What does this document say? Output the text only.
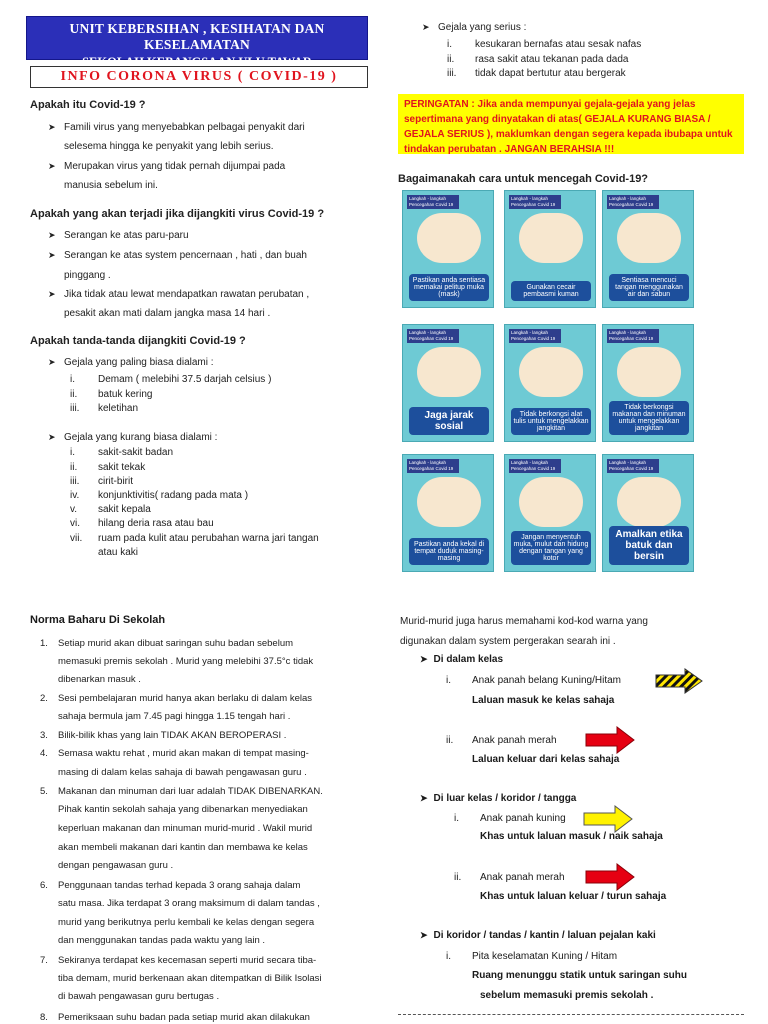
UNIT KEBERSIHAN , KESIHATAN DAN KESELAMATAN
SEKOLAH KEBANGSAAN ULU TAWAR
INFO CORONA VIRUS ( COVID-19 )
Apakah itu Covid-19 ?
➤ Famili virus yang menyebabkan pelbagai penyakit dari
selesema hingga ke penyakit yang lebih serius.
➤ Merupakan virus yang tidak pernah dijumpai pada
manusia sebelum ini.
Apakah yang akan terjadi jika dijangkiti virus Covid-19 ?
➤ Serangan ke atas paru-paru
➤ Serangan ke atas system pencernaan , hati , dan buah
pinggang .
➤ Jika tidak atau lewat mendapatkan rawatan perubatan ,
pesakit akan mati dalam jangka masa 14 hari .
Apakah tanda-tanda dijangkiti Covid-19 ?
➤ Gejala yang paling biasa dialami :
i.	Demam ( melebihi 37.5 darjah celsius )
ii.	batuk kering
iii.	keletihan
➤ Gejala yang kurang biasa dialami :
i.	sakit-sakit badan
ii.	sakit tekak
iii.	cirit-birit
iv.	konjunktivitis( radang pada mata )
v.	sakit kepala
vi.	hilang deria rasa atau bau
vii.	ruam pada kulit atau perubahan warna jari tangan
atau kaki
➤ Gejala yang serius :
i.	kesukaran bernafas atau sesak nafas
ii.	rasa sakit atau tekanan pada dada
iii.	tidak dapat bertutur atau bergerak
PERINGATAN : Jika anda mempunyai gejala-gejala yang jelas sepertimana yang dinyatakan di atas( GEJALA KURANG BIASA / GEJALA SERIUS ), maklumkan dengan segera kepada ibubapa untuk tindakan perubatan . JANGAN BERAHSIA !!!
Bagaimanakah cara untuk mencegah Covid-19?
Langkah - langkah Pencegahan Covid 19
Pastikan anda sentiasa memakai pelitup muka (mask)
Langkah - langkah Pencegahan Covid 19
Gunakan cecair pembasmi kuman
Langkah - langkah Pencegahan Covid 19
Sentiasa mencuci tangan menggunakan air dan sabun
Langkah - langkah Pencegahan Covid 19
Jaga jarak sosial
Langkah - langkah Pencegahan Covid 19
Tidak berkongsi alat tulis untuk mengelakkan jangkitan
Langkah - langkah Pencegahan Covid 19
Tidak berkongsi makanan dan minuman untuk mengelakkan jangkitan
Langkah - langkah Pencegahan Covid 19
Pastikan anda kekal di tempat duduk masing-masing
Langkah - langkah Pencegahan Covid 19
Jangan menyentuh muka, mulut dan hidung dengan tangan yang kotor
Langkah - langkah Pencegahan Covid 19
Amalkan etika batuk dan bersin
Norma Baharu Di Sekolah
1. Setiap murid akan dibuat saringan suhu badan sebelum
memasuki premis sekolah . Murid yang melebihi 37.5°c tidak
dibenarkan masuk .
2. Sesi pembelajaran murid hanya akan berlaku di dalam kelas
sahaja bermula jam 7.45 pagi hingga 1.15 tengah hari .
3. Bilik-bilik khas yang lain TIDAK AKAN BEROPERASI .
4. Semasa waktu rehat , murid akan makan di tempat masing-
masing di dalam kelas sahaja di bawah pengawasan guru .
5. Makanan dan minuman dari luar adalah TIDAK DIBENARKAN.
Pihak kantin sekolah sahaja yang dibenarkan menyediakan
keperluan makanan dan minuman murid-murid . Wakil murid
akan membeli makanan dari kantin dan membawa ke kelas
dengan pengawasan guru .
6. Penggunaan tandas terhad kepada 3 orang sahaja dalam
satu masa. Jika terdapat 3 orang maksimum di dalam tandas ,
murid yang berikutnya perlu kembali ke kelas dengan segera
dan menggunakan tandas pada waktu yang lain .
7. Sekiranya terdapat kes kecemasan seperti murid secara tiba-
tiba demam, murid berkenaan akan ditempatkan di Bilik Isolasi
di bawah pengawasan guru bertugas .
8. Pemeriksaan suhu badan pada setiap murid akan dilakukan
Murid-murid juga harus memahami kod-kod warna yang
digunakan dalam system pergerakan searah ini .
➤ Di dalam kelas
i. Anak panah belang Kuning/Hitam
Laluan masuk ke kelas sahaja
ii. Anak panah merah
Laluan keluar dari kelas sahaja
➤ Di luar kelas / koridor / tangga
i. Anak panah kuning
Khas untuk laluan masuk / naik sahaja
ii. Anak panah merah
Khas untuk laluan keluar / turun sahaja
➤ Di koridor / tandas / kantin / laluan pejalan kaki
i. Pita keselamatan Kuning / Hitam
Ruang menunggu statik untuk saringan suhu
sebelum memasuki premis sekolah .
